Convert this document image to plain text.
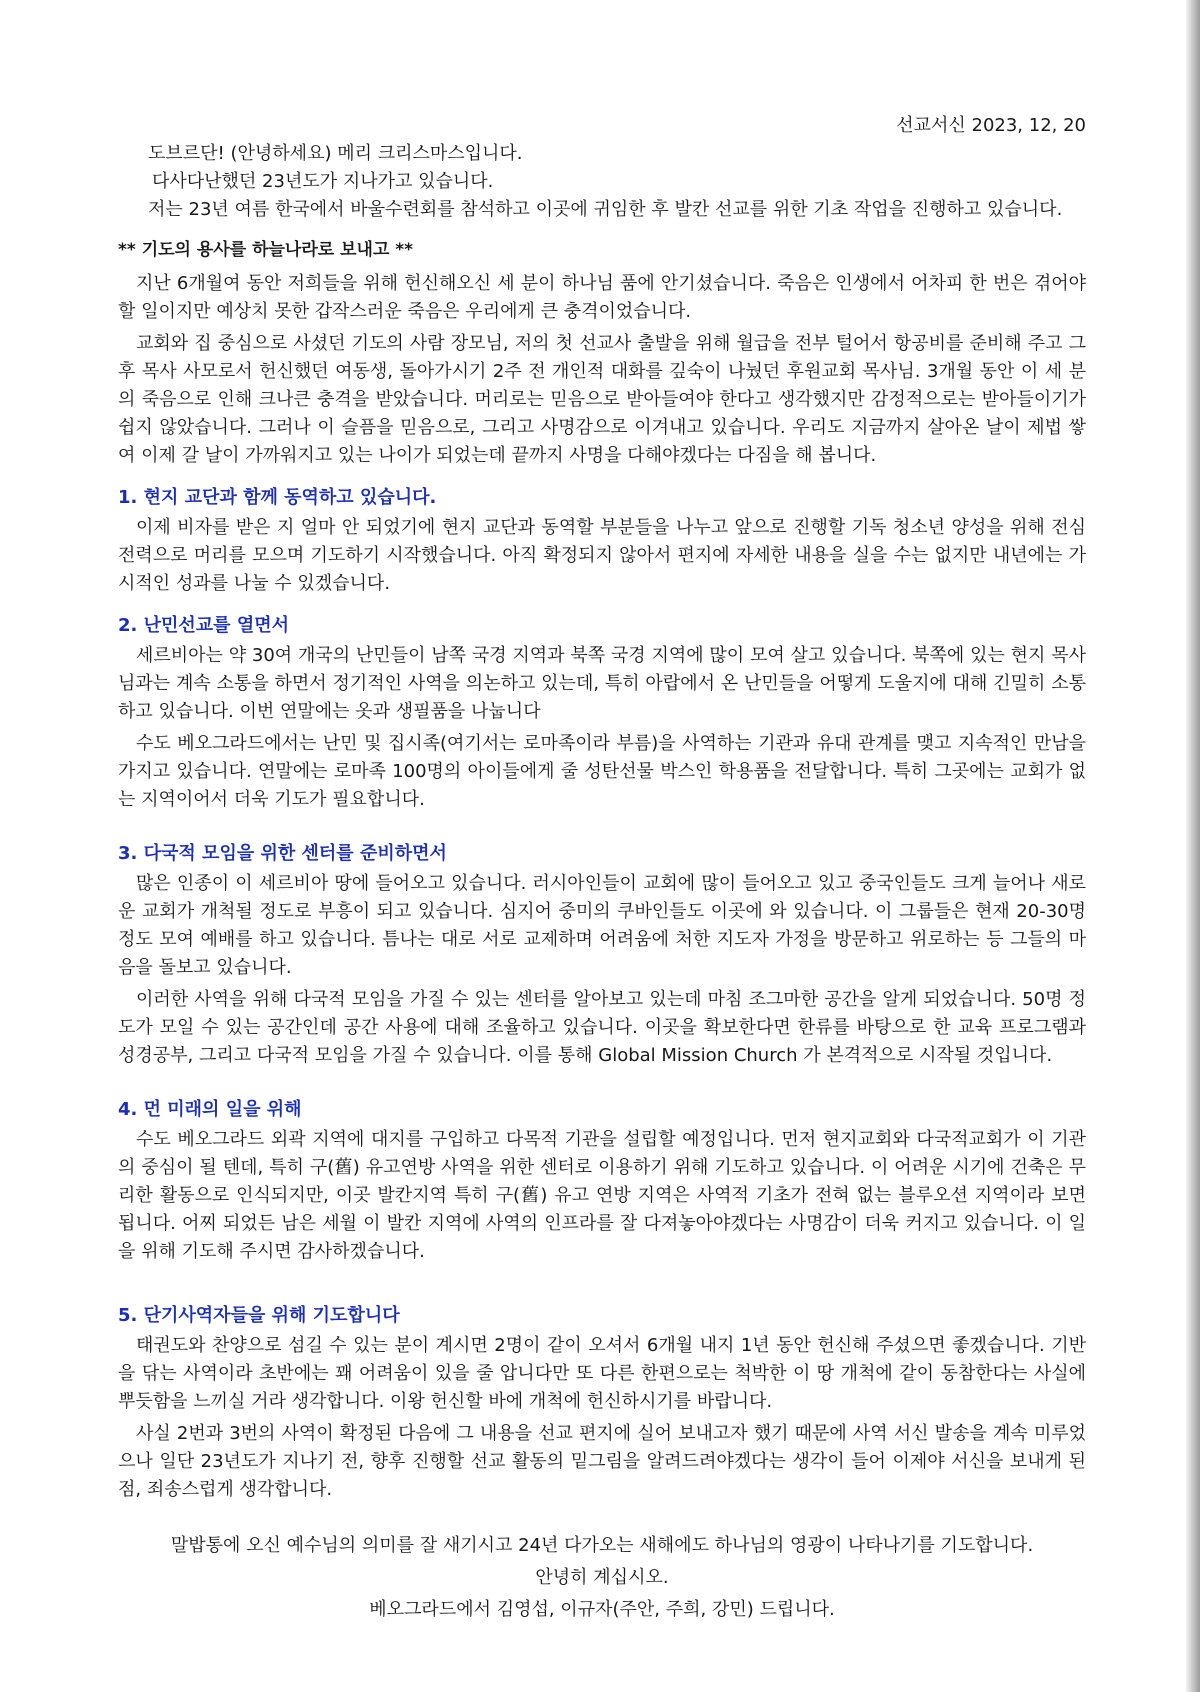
선교서신 2023, 12, 20

도브르단! (안녕하세요) 메리 크리스마스입니다.

다사다난했던 23년도가 지나가고 있습니다.

저는 23년 여름 한국에서 바울수련회를 참석하고 이곳에 귀임한 후 발칸 선교를 위한 기초 작업을 진행하고 있습니다.

** 기도의 용사를 하늘나라로 보내고 **

지난 6개월여 동안 저희들을 위해 헌신해오신 세 분이 하나님 품에 안기셨습니다. 죽음은 인생에서 어차피 한 번은 겪어야 할 일이지만 예상치 못한 갑작스러운 죽음은 우리에게 큰 충격이었습니다.

교회와 집 중심으로 사셨던 기도의 사람 장모님, 저의 첫 선교사 출발을 위해 월급을 전부 털어서 항공비를 준비해 주고 그후 목사 사모로서 헌신했던 여동생, 돌아가시기 2주 전 개인적 대화를 깊숙이 나눴던 후원교회 목사님. 3개월 동안 이 세 분의 죽음으로 인해 크나큰 충격을 받았습니다. 머리로는 믿음으로 받아들여야 한다고 생각했지만 감정적으로는 받아들이기가 쉽지 않았습니다. 그러나 이 슬픔을 믿음으로, 그리고 사명감으로 이겨내고 있습니다. 우리도 지금까지 살아온 날이 제법 쌓여 이제 갈 날이 가까워지고 있는 나이가 되었는데 끝까지 사명을 다해야겠다는 다짐을 해 봅니다.

1. 현지 교단과 함께 동역하고 있습니다.

이제 비자를 받은 지 얼마 안 되었기에 현지 교단과 동역할 부분들을 나누고 앞으로 진행할 기독 청소년 양성을 위해 전심 전력으로 머리를 모으며 기도하기 시작했습니다. 아직 확정되지 않아서 편지에 자세한 내용을 실을 수는 없지만 내년에는 가시적인 성과를 나눌 수 있겠습니다.

2. 난민선교를 열면서

세르비아는 약 30여 개국의 난민들이 남쪽 국경 지역과 북쪽 국경 지역에 많이 모여 살고 있습니다. 북쪽에 있는 현지 목사님과는 계속 소통을 하면서 정기적인 사역을 의논하고 있는데, 특히 아랍에서 온 난민들을 어떻게 도울지에 대해 긴밀히 소통하고 있습니다. 이번 연말에는 옷과 생필품을 나눕니다

수도 베오그라드에서는 난민 및 집시족(여기서는 로마족이라 부름)을 사역하는 기관과 유대 관계를 맺고 지속적인 만남을 가지고 있습니다. 연말에는 로마족 100명의 아이들에게 줄 성탄선물 박스인 학용품을 전달합니다. 특히 그곳에는 교회가 없는 지역이어서 더욱 기도가 필요합니다.

3. 다국적 모임을 위한 센터를 준비하면서

많은 인종이 이 세르비아 땅에 들어오고 있습니다. 러시아인들이 교회에 많이 들어오고 있고 중국인들도 크게 늘어나 새로운 교회가 개척될 정도로 부흥이 되고 있습니다. 심지어 중미의 쿠바인들도 이곳에 와 있습니다. 이 그룹들은 현재 20-30명 정도 모여 예배를 하고 있습니다. 틈나는 대로 서로 교제하며 어려움에 처한 지도자 가정을 방문하고 위로하는 등 그들의 마음을 돌보고 있습니다.

이러한 사역을 위해 다국적 모임을 가질 수 있는 센터를 알아보고 있는데 마침 조그마한 공간을 알게 되었습니다. 50명 정도가 모일 수 있는 공간인데 공간 사용에 대해 조율하고 있습니다. 이곳을 확보한다면 한류를 바탕으로 한 교육 프로그램과 성경공부, 그리고 다국적 모임을 가질 수 있습니다. 이를 통해 Global Mission Church 가 본격적으로 시작될 것입니다.

4. 먼 미래의 일을 위해

수도 베오그라드 외곽 지역에 대지를 구입하고 다목적 기관을 설립할 예정입니다. 먼저 현지교회와 다국적교회가 이 기관의 중심이 될 텐데, 특히 구(舊) 유고연방 사역을 위한 센터로 이용하기 위해 기도하고 있습니다. 이 어려운 시기에 건축은 무리한 활동으로 인식되지만, 이곳 발칸지역 특히 구(舊) 유고 연방 지역은 사역적 기초가 전혀 없는 블루오션 지역이라 보면 됩니다. 어찌 되었든 남은 세월 이 발칸 지역에 사역의 인프라를 잘 다져놓아야겠다는 사명감이 더욱 커지고 있습니다. 이 일을 위해 기도해 주시면 감사하겠습니다.

5. 단기사역자들을 위해 기도합니다

태권도와 찬양으로 섬길 수 있는 분이 계시면 2명이 같이 오셔서 6개월 내지 1년 동안 헌신해 주셨으면 좋겠습니다. 기반을 닦는 사역이라 초반에는 꽤 어려움이 있을 줄 압니다만 또 다른 한편으로는 척박한 이 땅 개척에 같이 동참한다는 사실에 뿌듯함을 느끼실 거라 생각합니다. 이왕 헌신할 바에 개척에 헌신하시기를 바랍니다.

사실 2번과 3번의 사역이 확정된 다음에 그 내용을 선교 편지에 실어 보내고자 했기 때문에 사역 서신 발송을 계속 미루었으나 일단 23년도가 지나기 전, 향후 진행할 선교 활동의 밑그림을 알려드려야겠다는 생각이 들어 이제야 서신을 보내게 된 점, 죄송스럽게 생각합니다.

말밥통에 오신 예수님의 의미를 잘 새기시고 24년 다가오는 새해에도 하나님의 영광이 나타나기를 기도합니다.

안녕히 계십시오.

베오그라드에서 김영섭, 이규자(주안, 주희, 강민) 드립니다.
